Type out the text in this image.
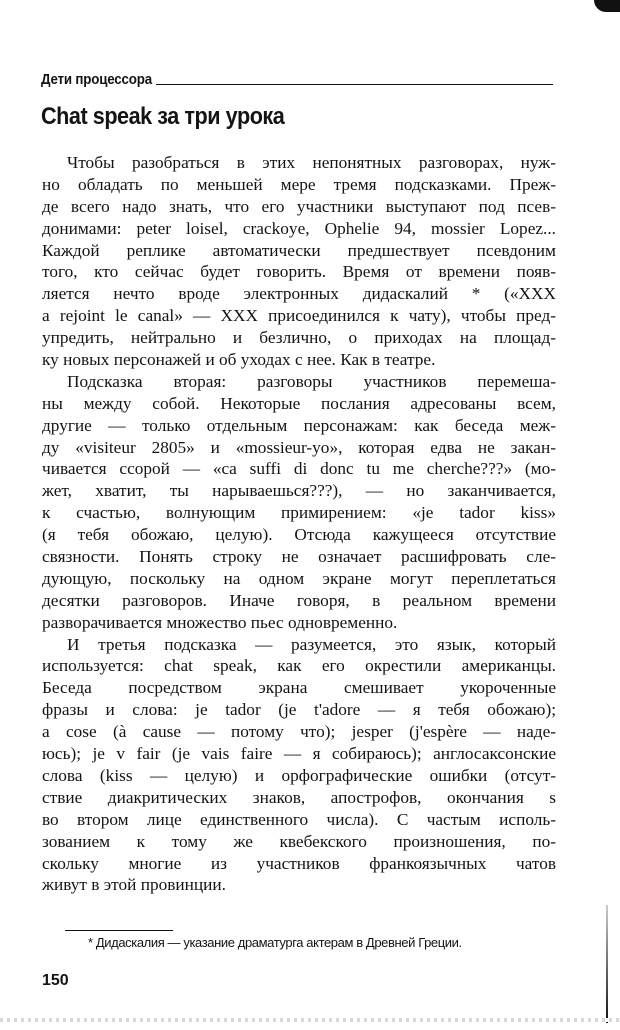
Дети процессора
Chat speak за три урока

Чтобы разобраться в этих непонятных разговорах, нуж-
но обладать по меньшей мере тремя подсказками. Преж-
де всего надо знать, что его участники выступают под псев-
донимами: peter loisel, crackoye, Ophelie 94, mossier Lopez...
Каждой реплике автоматически предшествует псевдоним
того, кто сейчас будет говорить. Время от времени появ-
ляется нечто вроде электронных дидаскалий * («XXX
a rejoint le canal» — XXX присоединился к чату), чтобы пред-
упредить, нейтрально и безлично, о приходах на площад-
ку новых персонажей и об уходах с нее. Как в театре.

Подсказка вторая: разговоры участников перемеша-
ны между собой. Некоторые послания адресованы всем,
другие — только отдельным персонажам: как беседа меж-
ду «visiteur 2805» и «mossieur-yo», которая едва не закан-
чивается ссорой — «ca suffi di donc tu me cherche???» (мо-
жет, хватит, ты нарываешься???), — но заканчивается,
к счастью, волнующим примирением: «je tador kiss»
(я тебя обожаю, целую). Отсюда кажущееся отсутствие
связности. Понять строку не означает расшифровать сле-
дующую, поскольку на одном экране могут переплетаться
десятки разговоров. Иначе говоря, в реальном времени
разворачивается множество пьес одновременно.

И третья подсказка — разумеется, это язык, который
используется: chat speak, как его окрестили американцы.
Беседа посредством экрана смешивает укороченные
фразы и слова: je tador (je t'adore — я тебя обожаю);
a cose (à cause — потому что); jesper (j'espère — наде-
юсь); je v fair (je vais faire — я собираюсь); англосаксонские
слова (kiss — целую) и орфографические ошибки (отсут-
ствие диакритических знаков, апострофов, окончания s
во втором лице единственного числа). С частым исполь-
зованием к тому же квебекского произношения, по-
скольку многие из участников франкоязычных чатов
живут в этой провинции.

* Дидаскалия — указание драматурга актерам в Древней Греции.
150
